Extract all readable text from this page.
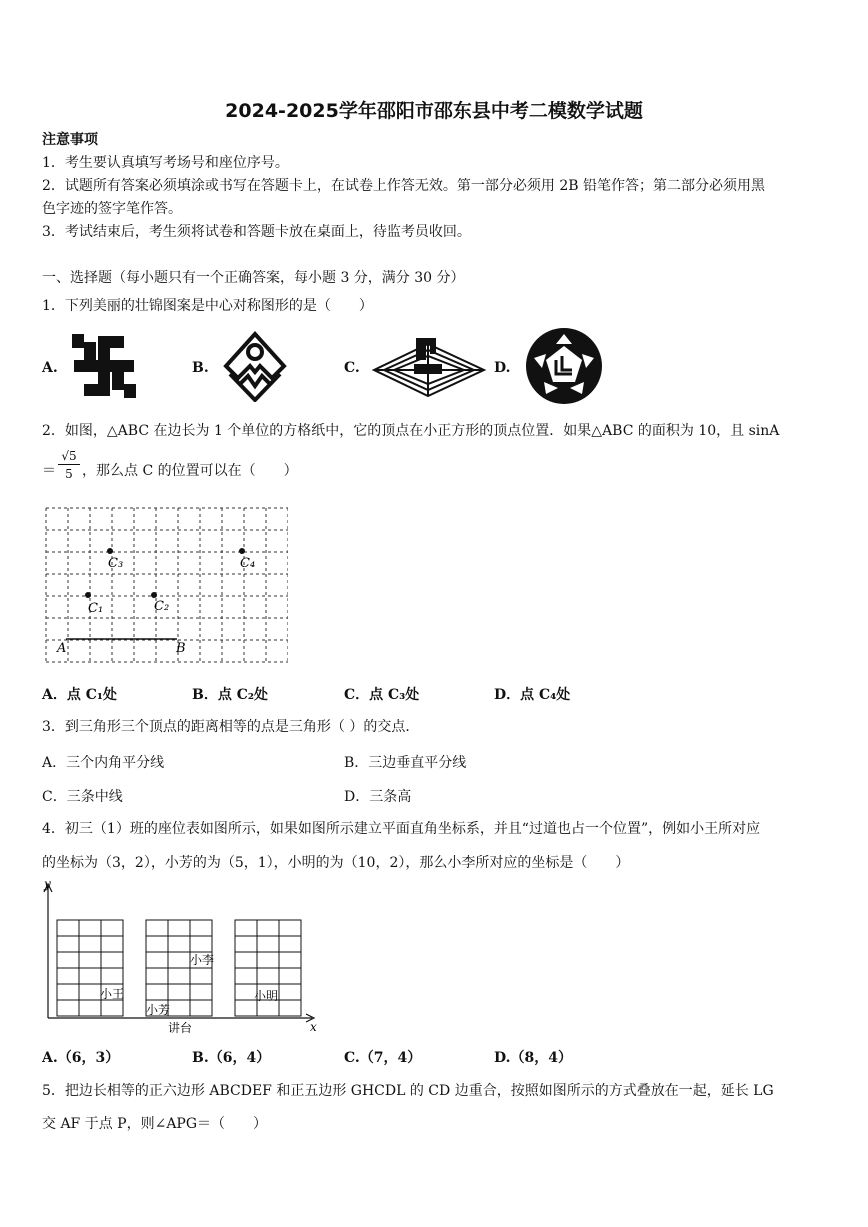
2024-2025学年邵阳市邵东县中考二模数学试题
注意事项
1．考生要认真填写考场号和座位序号。
2．试题所有答案必须填涂或书写在答题卡上，在试卷上作答无效。第一部分必须用 2B 铅笔作答；第二部分必须用黑
色字迹的签字笔作答。
3．考试结束后，考生须将试卷和答题卡放在桌面上，待监考员收回。
一、选择题（每小题只有一个正确答案，每小题 3 分，满分 30 分）
1．下列美丽的壮锦图案是中心对称图形的是（　　）
A.	B.	C.	D.
2．如图，△ABC 在边长为 1 个单位的方格纸中，它的顶点在小正方形的顶点位置．如果△ABC 的面积为 10，且 sinA
＝ $\frac{√5}{5}$ ，那么点 C 的位置可以在（　　）
C₃	C₄
C₁	C₂
A	B
A．点 C₁处	B．点 C₂处	C．点 C₃处	D．点 C₄处
3．到三角形三个顶点的距离相等的点是三角形（ ）的交点．
A．三个内角平分线	B．三边垂直平分线
C．三条中线	D．三条高
4．初三（1）班的座位表如图所示，如果如图所示建立平面直角坐标系，并且“过道也占一个位置”，例如小王所对应
的坐标为（3，2），小芳的为（5，1），小明的为（10，2），那么小李所对应的坐标是（　　）
y
x
小王
小芳
小李
小明
讲台
A.（6，3）	B.（6，4）	C.（7，4）	D.（8，4）
5．把边长相等的正六边形 ABCDEF 和正五边形 GHCDL 的 CD 边重合，按照如图所示的方式叠放在一起，延长 LG
交 AF 于点 P，则∠APG＝（　　）
